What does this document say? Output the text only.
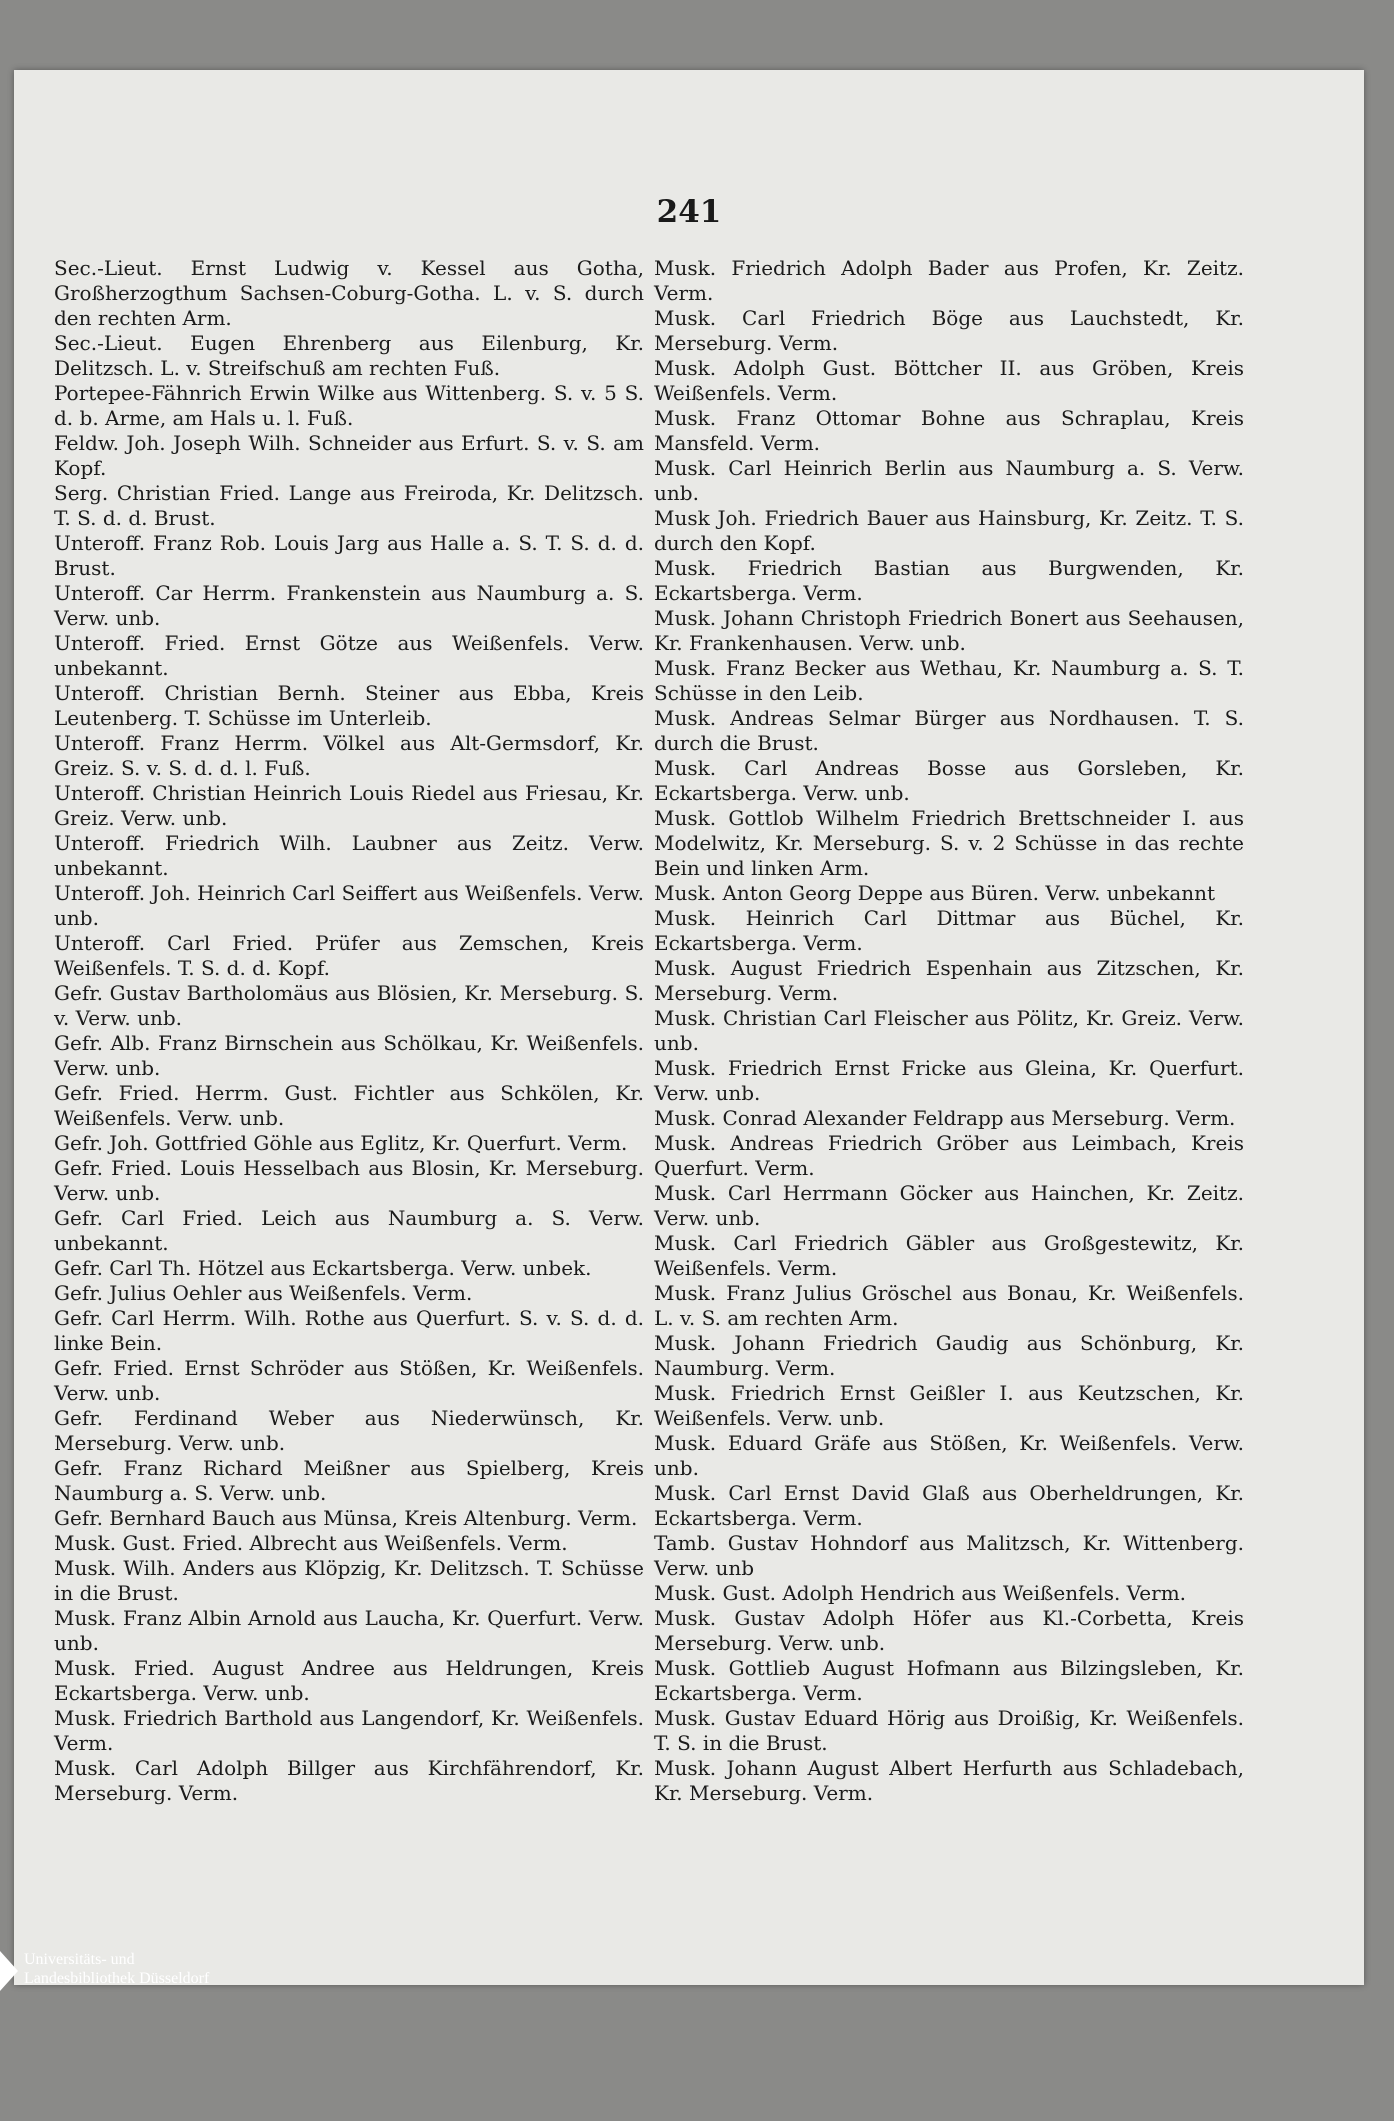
241
Sec.-Lieut. Ernst Ludwig v. Kessel aus Gotha, Großherzogthum Sachsen-Coburg-Gotha. L. v. S. durch den rechten Arm.
Sec.-Lieut. Eugen Ehrenberg aus Eilenburg, Kr. Delitzsch. L. v. Streifschuß am rechten Fuß.
Portepee-Fähnrich Erwin Wilke aus Wittenberg. S. v. 5 S. d. b. Arme, am Hals u. l. Fuß.
Feldw. Joh. Joseph Wilh. Schneider aus Erfurt. S. v. S. am Kopf.
Serg. Christian Fried. Lange aus Freiroda, Kr. Delitzsch. T. S. d. d. Brust.
Unteroff. Franz Rob. Louis Jarg aus Halle a. S. T. S. d. d. Brust.
Unteroff. Car Herrm. Frankenstein aus Naumburg a. S. Verw. unb.
Unteroff. Fried. Ernst Götze aus Weißenfels. Verw. unbekannt.
Unteroff. Christian Bernh. Steiner aus Ebba, Kreis Leutenberg. T. Schüsse im Unterleib.
Unteroff. Franz Herrm. Völkel aus Alt-Germsdorf, Kr. Greiz. S. v. S. d. d. l. Fuß.
Unteroff. Christian Heinrich Louis Riedel aus Friesau, Kr. Greiz. Verw. unb.
Unteroff. Friedrich Wilh. Laubner aus Zeitz. Verw. unbekannt.
Unteroff. Joh. Heinrich Carl Seiffert aus Weißenfels. Verw. unb.
Unteroff. Carl Fried. Prüfer aus Zemschen, Kreis Weißenfels. T. S. d. d. Kopf.
Gefr. Gustav Bartholomäus aus Blösien, Kr. Merseburg. S. v. Verw. unb.
Gefr. Alb. Franz Birnschein aus Schölkau, Kr. Weißenfels. Verw. unb.
Gefr. Fried. Herrm. Gust. Fichtler aus Schkölen, Kr. Weißenfels. Verw. unb.
Gefr. Joh. Gottfried Göhle aus Eglitz, Kr. Querfurt. Verm.
Gefr. Fried. Louis Hesselbach aus Blosin, Kr. Merseburg. Verw. unb.
Gefr. Carl Fried. Leich aus Naumburg a. S. Verw. unbekannt.
Gefr. Carl Th. Hötzel aus Eckartsberga. Verw. unbek.
Gefr. Julius Oehler aus Weißenfels. Verm.
Gefr. Carl Herrm. Wilh. Rothe aus Querfurt. S. v. S. d. d. linke Bein.
Gefr. Fried. Ernst Schröder aus Stößen, Kr. Weißenfels. Verw. unb.
Gefr. Ferdinand Weber aus Niederwünsch, Kr. Merseburg. Verw. unb.
Gefr. Franz Richard Meißner aus Spielberg, Kreis Naumburg a. S. Verw. unb.
Gefr. Bernhard Bauch aus Münsa, Kreis Altenburg. Verm.
Musk. Gust. Fried. Albrecht aus Weißenfels. Verm.
Musk. Wilh. Anders aus Klöpzig, Kr. Delitzsch. T. Schüsse in die Brust.
Musk. Franz Albin Arnold aus Laucha, Kr. Querfurt. Verw. unb.
Musk. Fried. August Andree aus Heldrungen, Kreis Eckartsberga. Verw. unb.
Musk. Friedrich Barthold aus Langendorf, Kr. Weißenfels. Verm.
Musk. Carl Adolph Billger aus Kirchfährendorf, Kr. Merseburg. Verm.
Musk. Friedrich Adolph Bader aus Profen, Kr. Zeitz. Verm.
Musk. Carl Friedrich Böge aus Lauchstedt, Kr. Merseburg. Verm.
Musk. Adolph Gust. Böttcher II. aus Gröben, Kreis Weißenfels. Verm.
Musk. Franz Ottomar Bohne aus Schraplau, Kreis Mansfeld. Verm.
Musk. Carl Heinrich Berlin aus Naumburg a. S. Verw. unb.
Musk Joh. Friedrich Bauer aus Hainsburg, Kr. Zeitz. T. S. durch den Kopf.
Musk. Friedrich Bastian aus Burgwenden, Kr. Eckartsberga. Verm.
Musk. Johann Christoph Friedrich Bonert aus Seehausen, Kr. Frankenhausen. Verw. unb.
Musk. Franz Becker aus Wethau, Kr. Naumburg a. S. T. Schüsse in den Leib.
Musk. Andreas Selmar Bürger aus Nordhausen. T. S. durch die Brust.
Musk. Carl Andreas Bosse aus Gorsleben, Kr. Eckartsberga. Verw. unb.
Musk. Gottlob Wilhelm Friedrich Brettschneider I. aus Modelwitz, Kr. Merseburg. S. v. 2 Schüsse in das rechte Bein und linken Arm.
Musk. Anton Georg Deppe aus Büren. Verw. unbekannt
Musk. Heinrich Carl Dittmar aus Büchel, Kr. Eckartsberga. Verm.
Musk. August Friedrich Espenhain aus Zitzschen, Kr. Merseburg. Verm.
Musk. Christian Carl Fleischer aus Pölitz, Kr. Greiz. Verw. unb.
Musk. Friedrich Ernst Fricke aus Gleina, Kr. Querfurt. Verw. unb.
Musk. Conrad Alexander Feldrapp aus Merseburg. Verm.
Musk. Andreas Friedrich Gröber aus Leimbach, Kreis Querfurt. Verm.
Musk. Carl Herrmann Göcker aus Hainchen, Kr. Zeitz. Verw. unb.
Musk. Carl Friedrich Gäbler aus Großgestewitz, Kr. Weißenfels. Verm.
Musk. Franz Julius Gröschel aus Bonau, Kr. Weißenfels. L. v. S. am rechten Arm.
Musk. Johann Friedrich Gaudig aus Schönburg, Kr. Naumburg. Verm.
Musk. Friedrich Ernst Geißler I. aus Keutzschen, Kr. Weißenfels. Verw. unb.
Musk. Eduard Gräfe aus Stößen, Kr. Weißenfels. Verw. unb.
Musk. Carl Ernst David Glaß aus Oberheldrungen, Kr. Eckartsberga. Verm.
Tamb. Gustav Hohndorf aus Malitzsch, Kr. Wittenberg. Verw. unb
Musk. Gust. Adolph Hendrich aus Weißenfels. Verm.
Musk. Gustav Adolph Höfer aus Kl.-Corbetta, Kreis Merseburg. Verw. unb.
Musk. Gottlieb August Hofmann aus Bilzingsleben, Kr. Eckartsberga. Verm.
Musk. Gustav Eduard Hörig aus Droißig, Kr. Weißenfels. T. S. in die Brust.
Musk. Johann August Albert Herfurth aus Schladebach, Kr. Merseburg. Verm.
Universitäts- und
Landesbibliothek Düsseldorf
